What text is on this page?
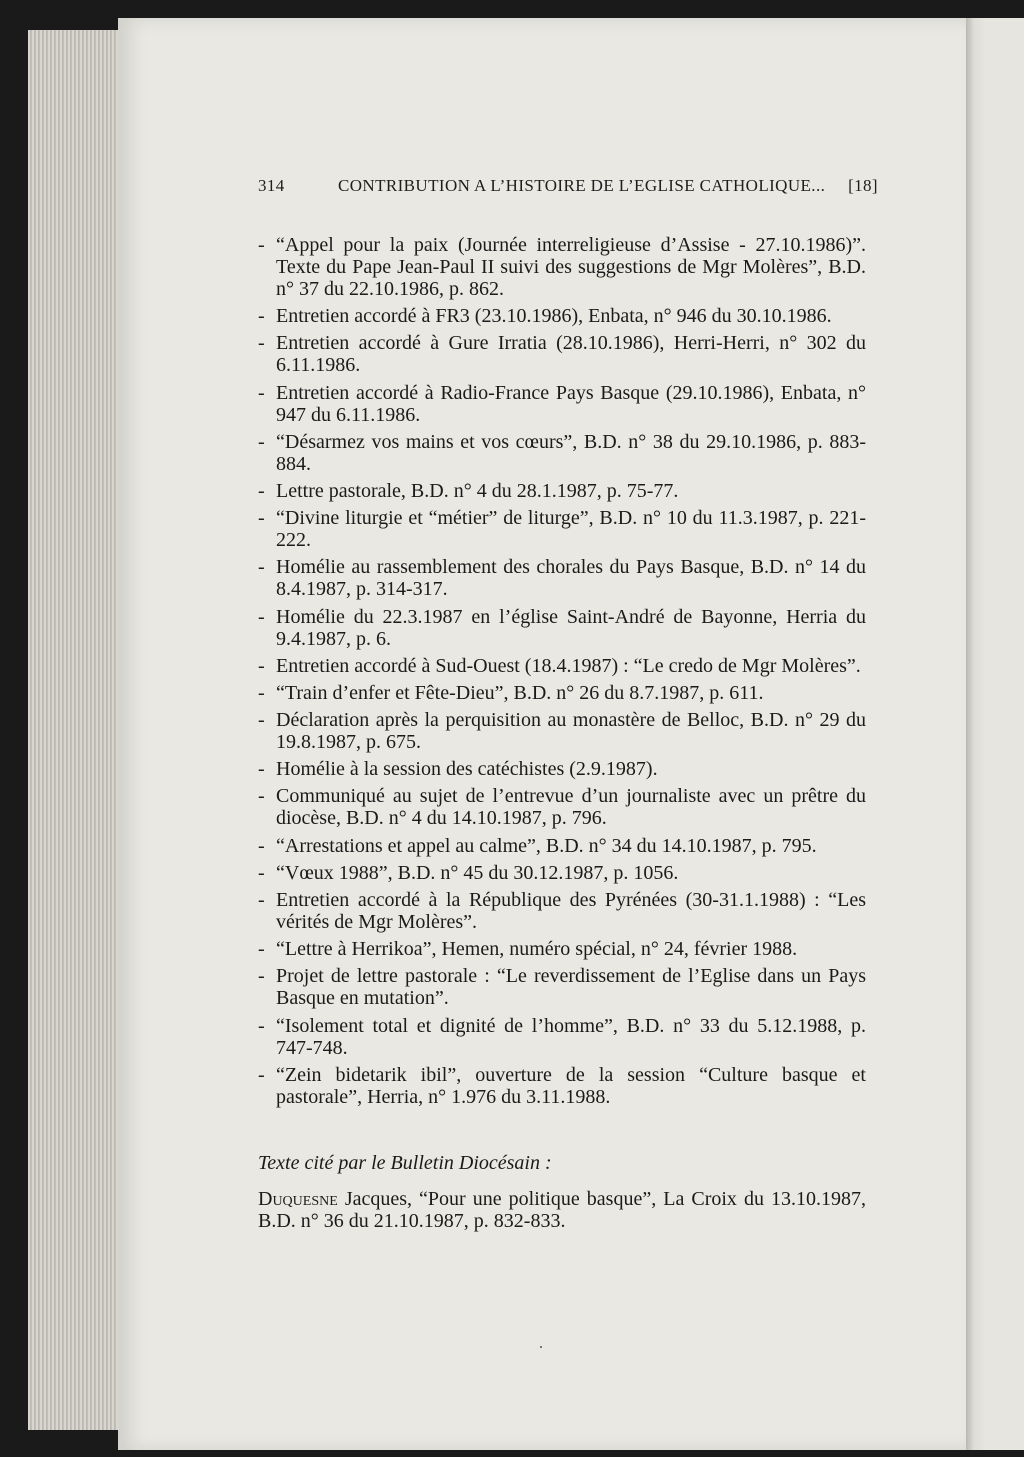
314	CONTRIBUTION A L’HISTOIRE DE L’EGLISE CATHOLIQUE... [18]
- “Appel pour la paix (Journée interreligieuse d’Assise - 27.10.1986)”. Texte du Pape Jean-Paul II suivi des suggestions de Mgr Molères”, B.D. n° 37 du 22.10.1986, p. 862.
- Entretien accordé à FR3 (23.10.1986), Enbata, n° 946 du 30.10.1986.
- Entretien accordé à Gure Irratia (28.10.1986), Herri-Herri, n° 302 du 6.11.1986.
- Entretien accordé à Radio-France Pays Basque (29.10.1986), Enbata, n° 947 du 6.11.1986.
- “Désarmez vos mains et vos cœurs”, B.D. n° 38 du 29.10.1986, p. 883-884.
- Lettre pastorale, B.D. n° 4 du 28.1.1987, p. 75-77.
- “Divine liturgie et “métier” de liturge”, B.D. n° 10 du 11.3.1987, p. 221-222.
- Homélie au rassemblement des chorales du Pays Basque, B.D. n° 14 du 8.4.1987, p. 314-317.
- Homélie du 22.3.1987 en l’église Saint-André de Bayonne, Herria du 9.4.1987, p. 6.
- Entretien accordé à Sud-Ouest (18.4.1987) : “Le credo de Mgr Molères”.
- “Train d’enfer et Fête-Dieu”, B.D. n° 26 du 8.7.1987, p. 611.
- Déclaration après la perquisition au monastère de Belloc, B.D. n° 29 du 19.8.1987, p. 675.
- Homélie à la session des catéchistes (2.9.1987).
- Communiqué au sujet de l’entrevue d’un journaliste avec un prêtre du diocèse, B.D. n° 4 du 14.10.1987, p. 796.
- “Arrestations et appel au calme”, B.D. n° 34 du 14.10.1987, p. 795.
- “Vœux 1988”, B.D. n° 45 du 30.12.1987, p. 1056.
- Entretien accordé à la République des Pyrénées (30-31.1.1988) : “Les vérités de Mgr Molères”.
- “Lettre à Herrikoa”, Hemen, numéro spécial, n° 24, février 1988.
- Projet de lettre pastorale : “Le reverdissement de l’Eglise dans un Pays Basque en mutation”.
- “Isolement total et dignité de l’homme”, B.D. n° 33 du 5.12.1988, p. 747-748.
- “Zein bidetarik ibil”, ouverture de la session “Culture basque et pastorale”, Herria, n° 1.976 du 3.11.1988.
Texte cité par le Bulletin Diocésain :
Duquesne Jacques, “Pour une politique basque”, La Croix du 13.10.1987, B.D. n° 36 du 21.10.1987, p. 832-833.
